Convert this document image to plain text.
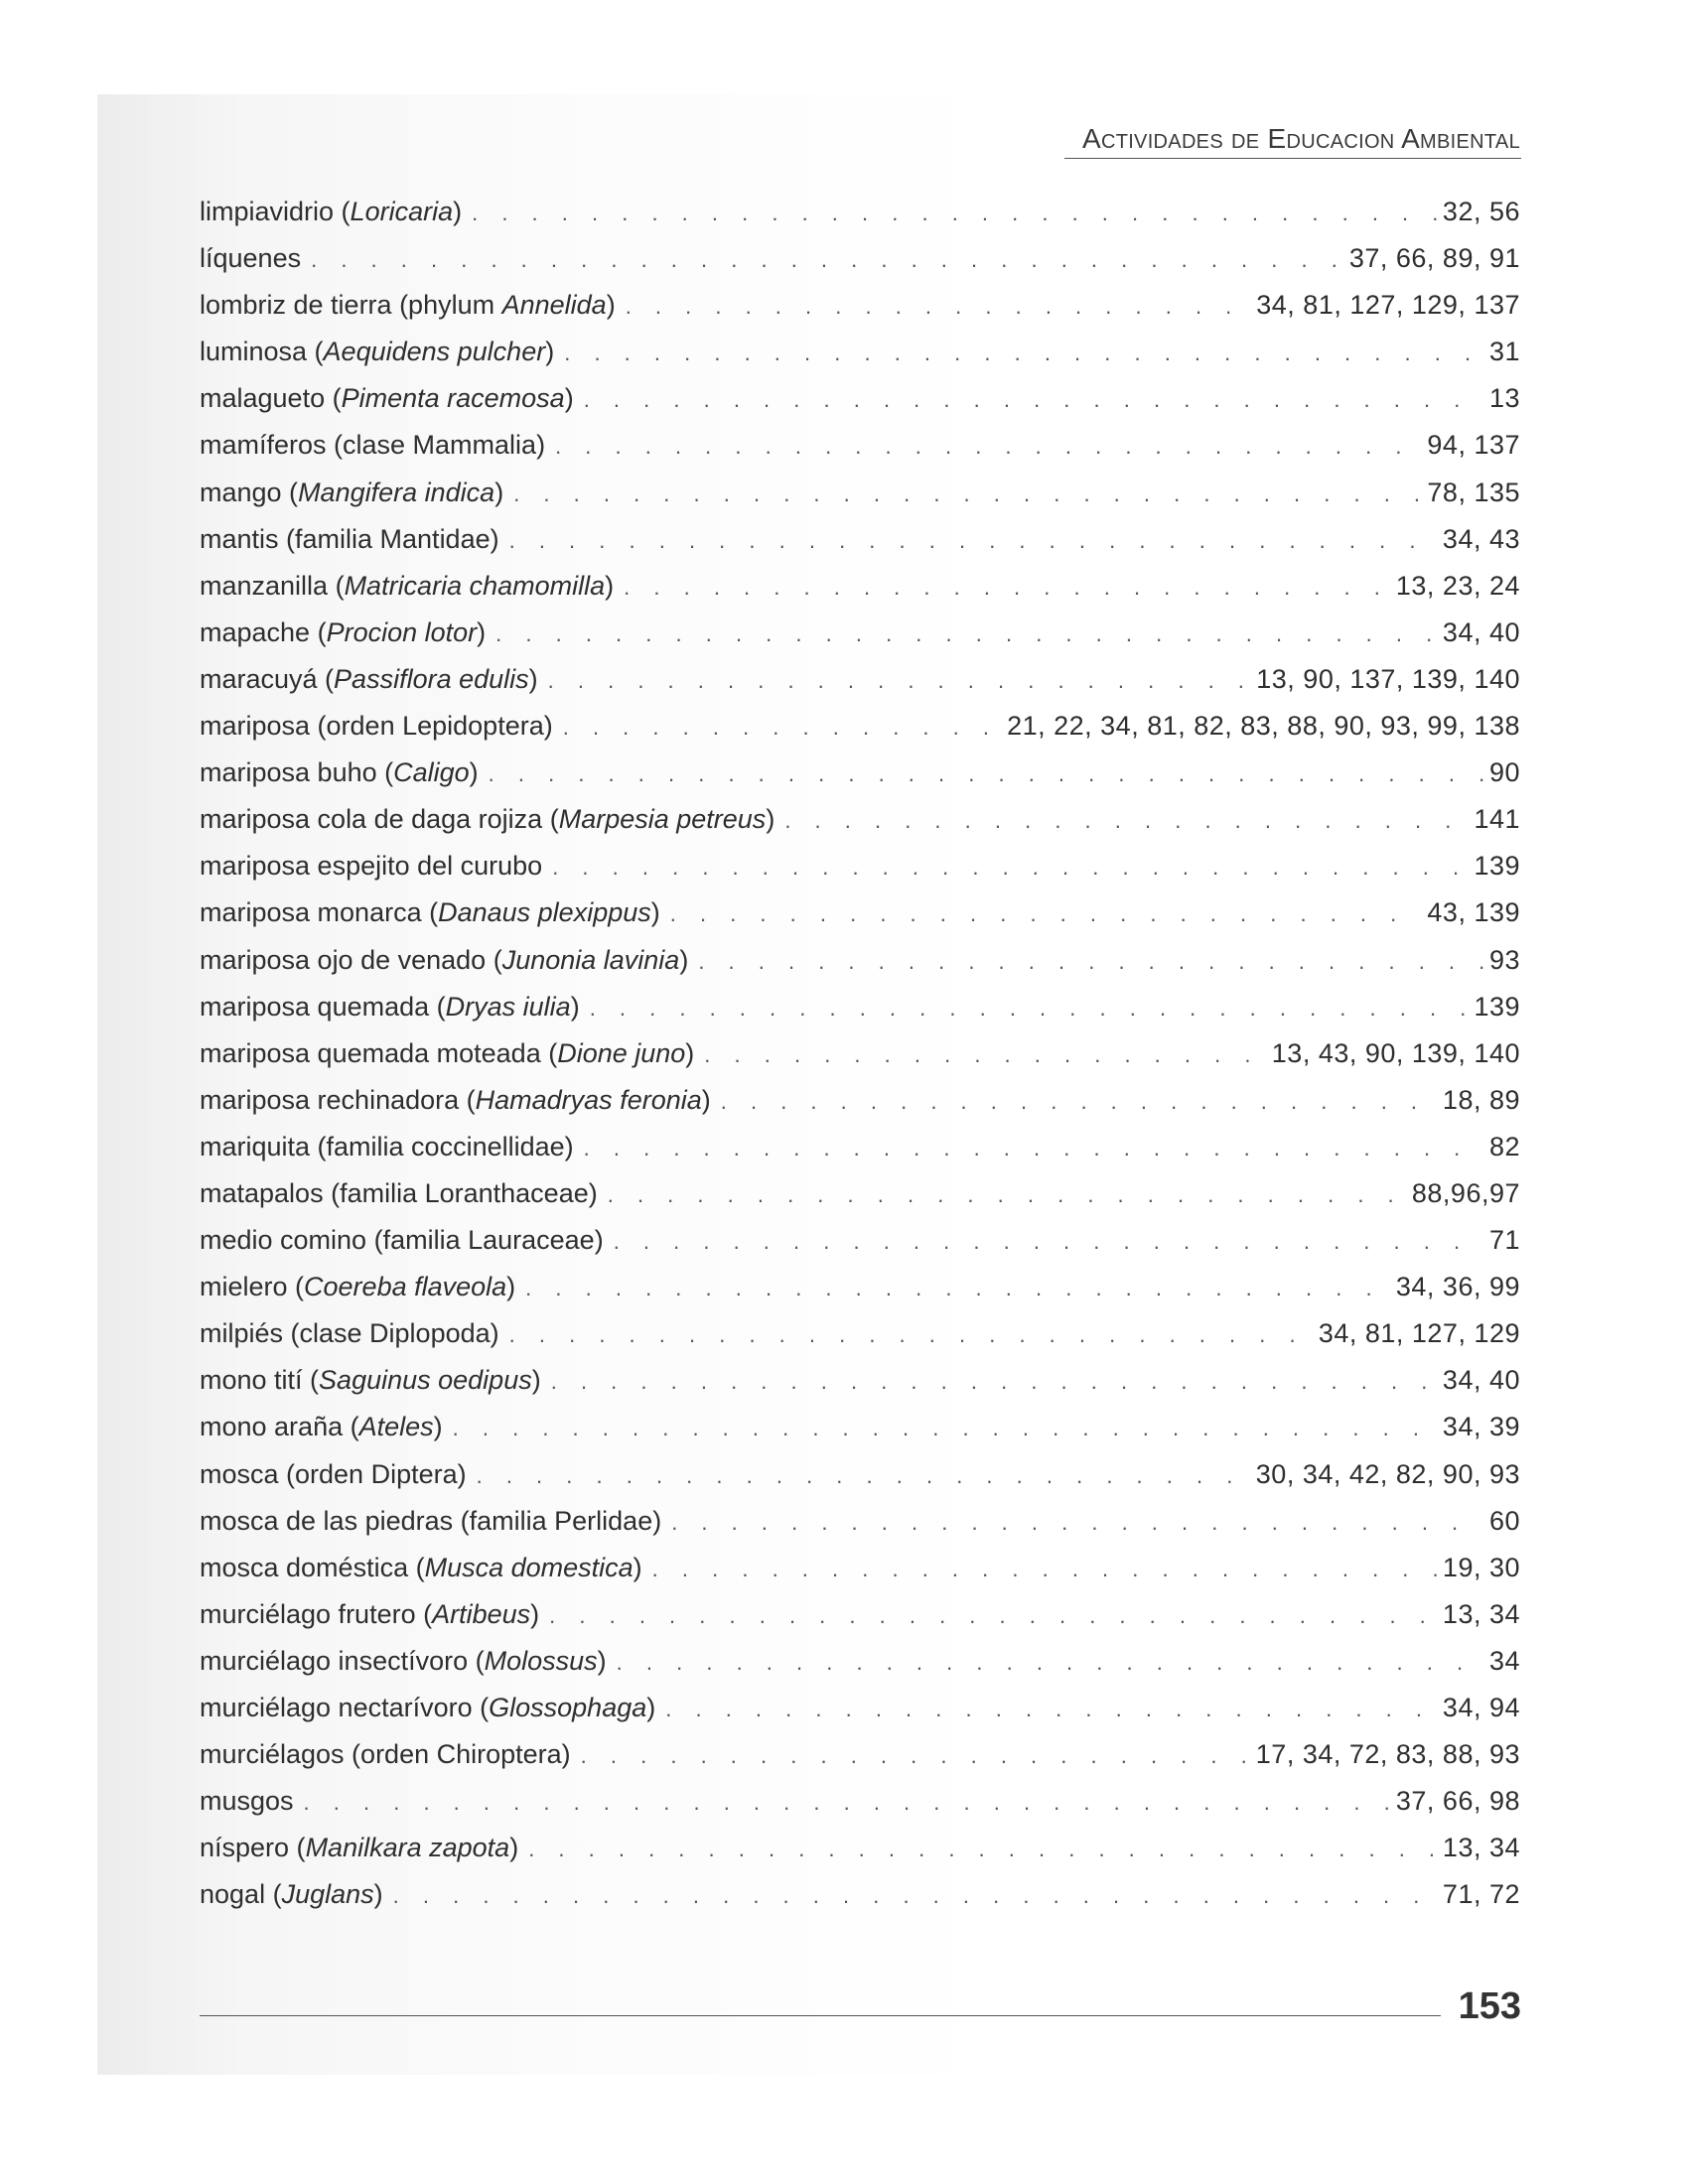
Actividades de Educacion Ambiental
limpiavidrio (Loricaria) . . .	32, 56
líquenes . . .	37, 66, 89, 91
lombriz de tierra (phylum Annelida) . . .	34, 81, 127, 129, 137
luminosa (Aequidens pulcher) . . .	31
malagueto (Pimenta racemosa) . . .	13
mamíferos (clase Mammalia) . . .	94, 137
mango (Mangifera indica) . . .	78, 135
mantis (familia Mantidae) . . .	34, 43
manzanilla (Matricaria chamomilla) . . .	13, 23, 24
mapache (Procion lotor) . . .	34, 40
maracuyá (Passiflora edulis) . . .	13, 90, 137, 139, 140
mariposa (orden Lepidoptera) . . .	21, 22, 34, 81, 82, 83, 88, 90, 93, 99, 138
mariposa buho (Caligo) . . .	90
mariposa cola de daga rojiza (Marpesia petreus) . . .	141
mariposa espejito del curubo . . .	139
mariposa monarca (Danaus plexippus) . . .	43, 139
mariposa ojo de venado (Junonia lavinia) . . .	93
mariposa quemada (Dryas iulia) . . .	139
mariposa quemada moteada (Dione juno) . . .	13, 43, 90, 139, 140
mariposa rechinadora (Hamadryas feronia) . . .	18, 89
mariquita (familia coccinellidae) . . .	82
matapalos (familia Loranthaceae) . . .	88,96,97
medio comino (familia Lauraceae) . . .	71
mielero (Coereba flaveola) . . .	34, 36, 99
milpiés (clase Diplopoda) . . .	34, 81, 127, 129
mono tití (Saguinus oedipus) . . .	34, 40
mono araña (Ateles) . . .	34, 39
mosca (orden Diptera) . . .	30, 34, 42, 82, 90, 93
mosca de las piedras (familia Perlidae) . . .	60
mosca doméstica (Musca domestica) . . .	19, 30
murciélago frutero (Artibeus) . . .	13, 34
murciélago insectívoro (Molossus) . . .	34
murciélago nectarívoro (Glossophaga) . . .	34, 94
murciélagos (orden Chiroptera) . . .	17, 34, 72, 83, 88, 93
musgos . . .	37, 66, 98
níspero (Manilkara zapota) . . .	13, 34
nogal (Juglans) . . .	71, 72
153
